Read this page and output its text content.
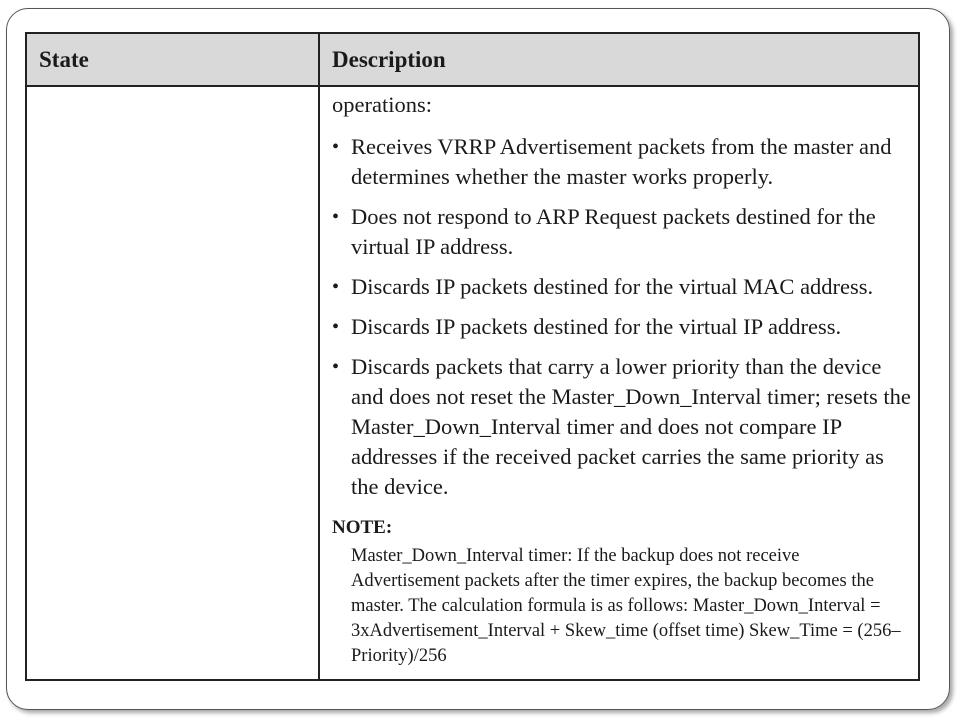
State	Description

operations:

• Receives VRRP Advertisement packets from the master and determines whether the master works properly.
• Does not respond to ARP Request packets destined for the virtual IP address.
• Discards IP packets destined for the virtual MAC address.
• Discards IP packets destined for the virtual IP address.
• Discards packets that carry a lower priority than the device and does not reset the Master_Down_Interval timer; resets the Master_Down_Interval timer and does not compare IP addresses if the received packet carries the same priority as the device.
NOTE:
Master_Down_Interval timer: If the backup does not receive Advertisement packets after the timer expires, the backup becomes the master. The calculation formula is as follows: Master_Down_Interval = 3xAdvertisement_Interval + Skew_time (offset time) Skew_Time = (256–Priority)/256
